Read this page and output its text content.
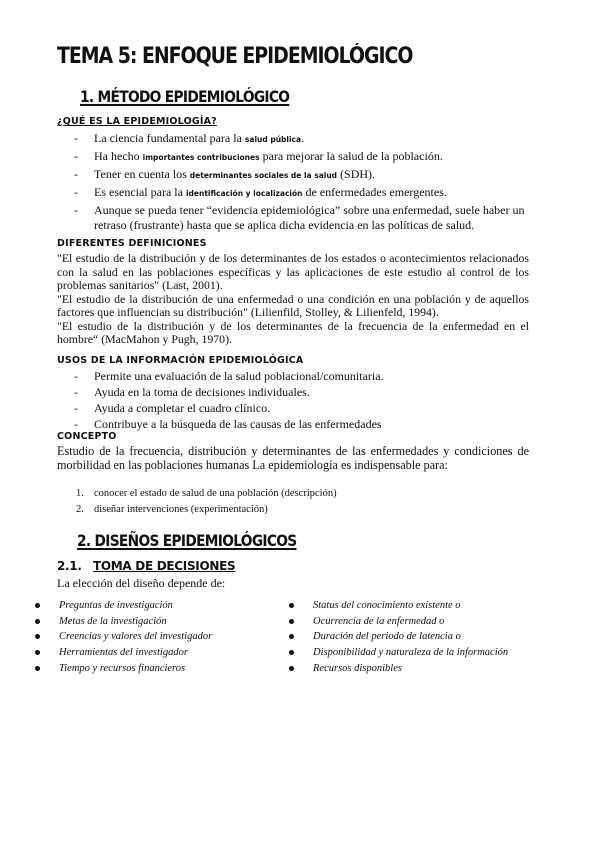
TEMA 5: ENFOQUE EPIDEMIOLÓGICO
1. MÉTODO EPIDEMIOLÓGICO
¿QUÉ ES LA EPIDEMIOLOGÍA?
- La ciencia fundamental para la salud pública.
- Ha hecho importantes contribuciones para mejorar la salud de la población.
- Tener en cuenta los determinantes sociales de la salud (SDH).
- Es esencial para la identificación y localización de enfermedades emergentes.
- Aunque se pueda tener “evidencia epidemiológica” sobre una enfermedad, suele haber un retraso (frustrante) hasta que se aplica dicha evidencia en las políticas de salud.
DIFERENTES DEFINICIONES

"El estudio de la distribución y de los determinantes de los estados o acontecimientos relacionados con la salud en las poblaciones específicas y las aplicaciones de este estudio al control de los problemas sanitarios" (Last, 2001).

"El estudio de la distribución de una enfermedad o una condición en una población y de aquellos factores que influencian su distribución" (Lilienfild, Stolley, & Lilienfeld, 1994).

"El estudio de la distribución y de los determinantes de la frecuencia de la enfermedad en el hombre“ (MacMahon y Pugh, 1970).

USOS DE LA INFORMACIÓN EPIDEMIOLÓGICA
- Permite una evaluación de la salud poblacional/comunitaria.
- Ayuda en la toma de decisiones individuales.
- Ayuda a completar el cuadro clínico.
- Contribuye a la búsqueda de las causas de las enfermedades
CONCEPTO
Estudio de la frecuencia, distribución y determinantes de las enfermedades y condiciones de morbilidad en las poblaciones humanas La epidemiología es indispensable para:
1. conocer el estado de salud de una población (descripción)
2. diseñar intervenciones (experimentación)
2. DISEÑOS EPIDEMIOLÓGICOS
2.1. TOMA DE DECISIONES
La elección del diseño depende de:
Preguntas de investigación
Metas de la investigación
Creencias y valores del investigador
Herramientas del investigador
Tiempo y recursos financieros
Status del conocimiento existente o
Ocurrencia de la enfermedad o
Duración del periodo de latencia o
Disponibilidad y naturaleza de la información
Recursos disponibles
